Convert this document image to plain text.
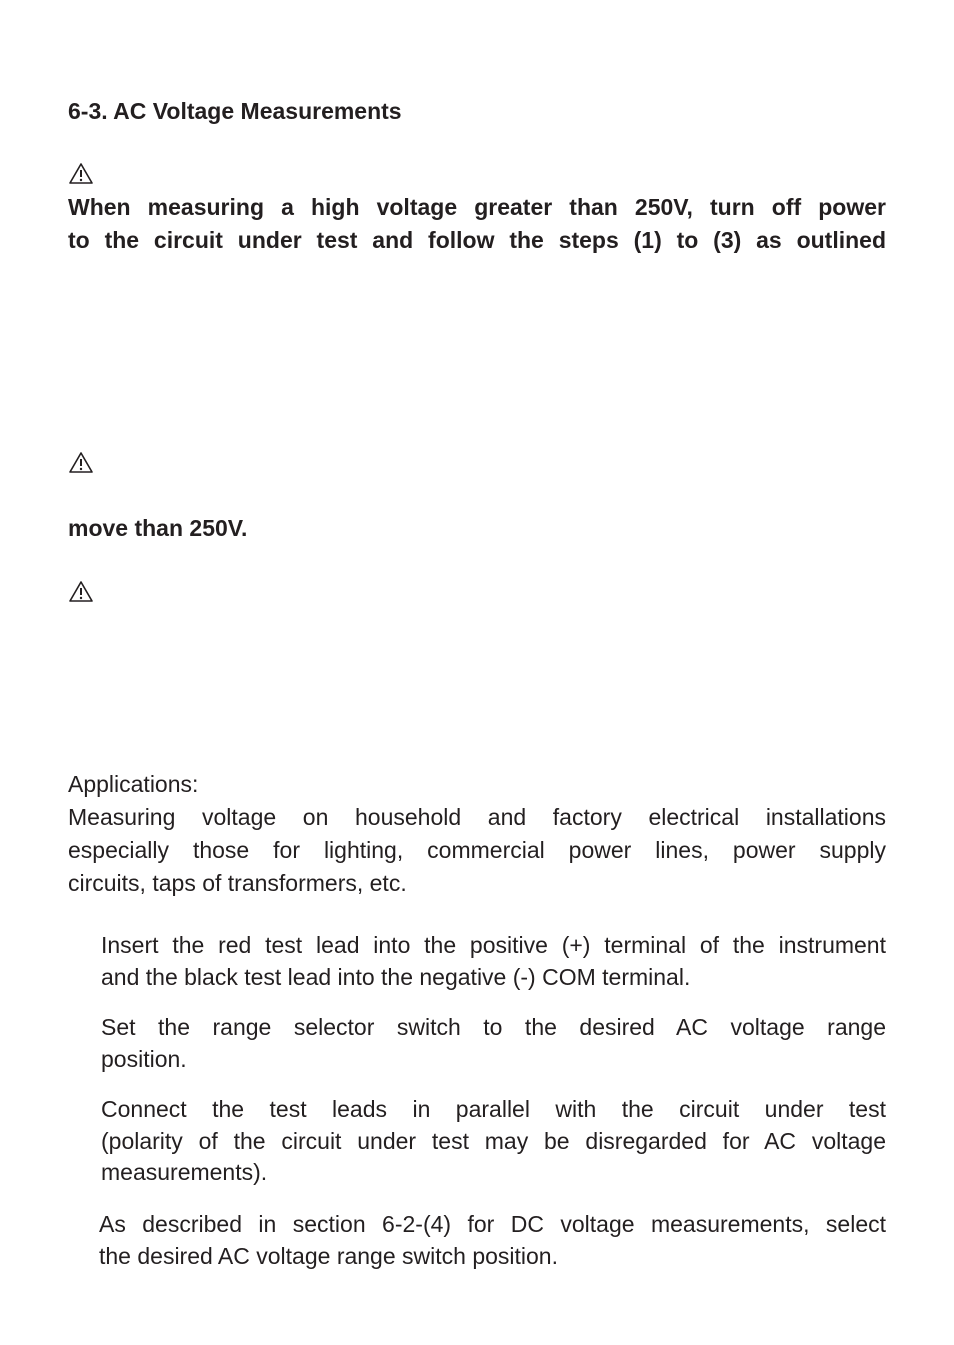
6-3. AC Voltage Measurements
When measuring a high voltage greater than 250V, turn off power
to the circuit under test and follow the steps (1) to (3) as outlined
move than 250V.
Applications:
Measuring voltage on household and factory electrical installations
especially those for lighting, commercial power lines, power supply
circuits, taps of transformers, etc.
Insert the red test lead into the positive (+) terminal of the instrument
and the black test lead into the negative (-) COM terminal.
Set the range selector switch to the desired AC voltage range
position.
Connect the test leads in parallel with the circuit under test
(polarity of the circuit under test may be disregarded for AC voltage
measurements).
As described in section 6-2-(4) for DC voltage measurements, select
the desired AC voltage range switch position.
